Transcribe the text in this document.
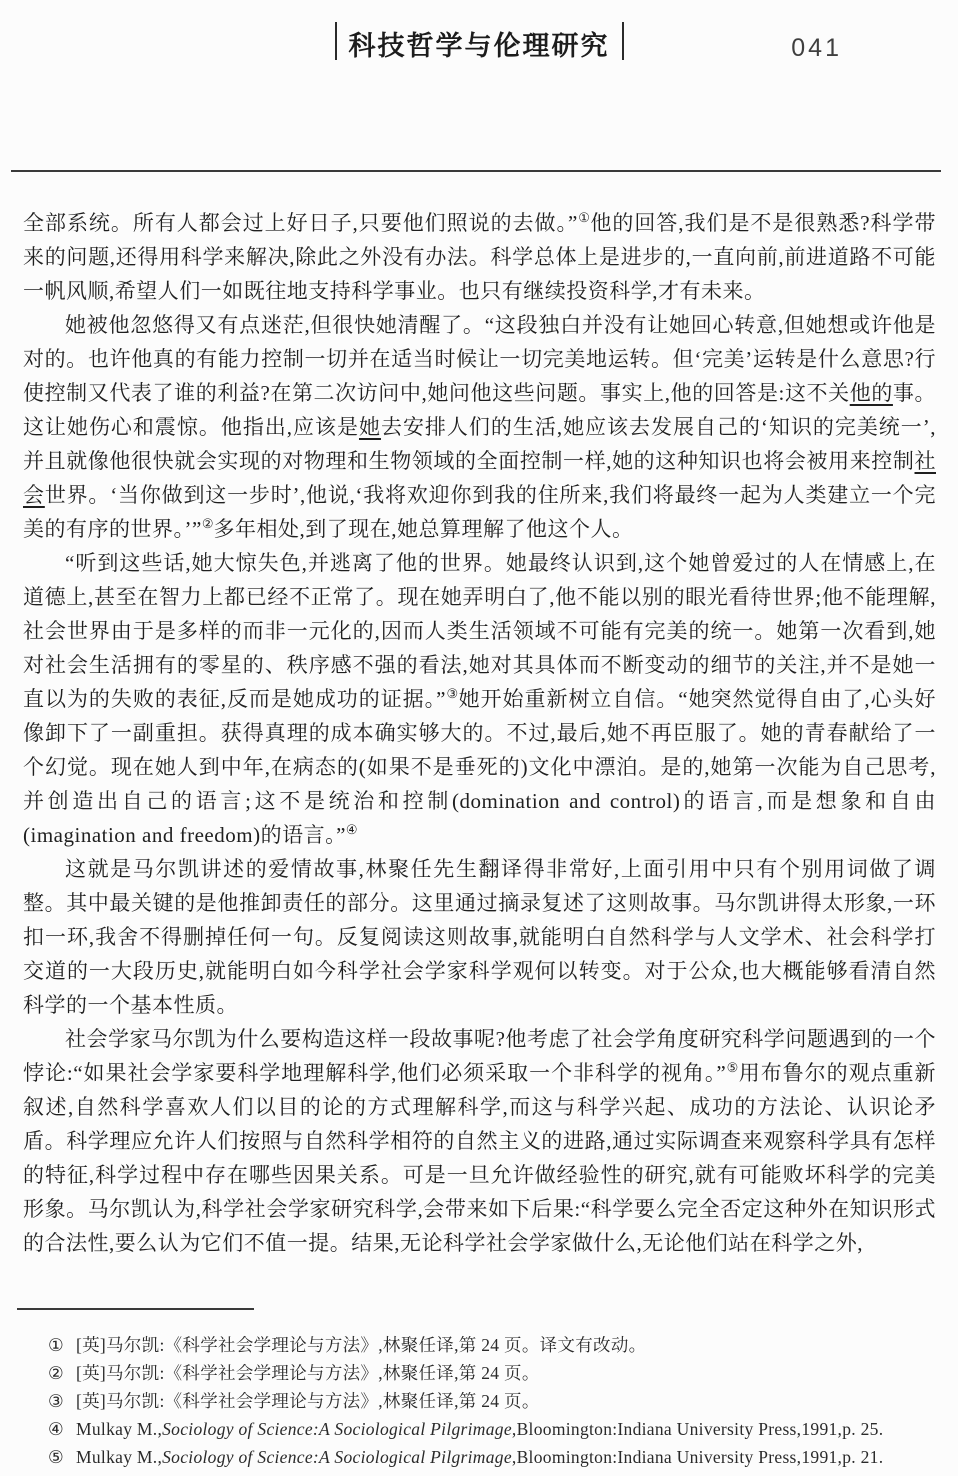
科技哲学与伦理研究	041

全部系统。所有人都会过上好日子,只要他们照说的去做。”①他的回答,我们是不是很熟悉?科学带来的问题,还得用科学来解决,除此之外没有办法。科学总体上是进步的,一直向前,前进道路不可能一帆风顺,希望人们一如既往地支持科学事业。也只有继续投资科学,才有未来。

她被他忽悠得又有点迷茫,但很快她清醒了。“这段独白并没有让她回心转意,但她想或许他是对的。也许他真的有能力控制一切并在适当时候让一切完美地运转。但‘完美’运转是什么意思?行使控制又代表了谁的利益?在第二次访问中,她问他这些问题。事实上,他的回答是:这不关他的事。这让她伤心和震惊。他指出,应该是她去安排人们的生活,她应该去发展自己的‘知识的完美统一’,并且就像他很快就会实现的对物理和生物领域的全面控制一样,她的这种知识也将会被用来控制社会世界。‘当你做到这一步时’,他说,‘我将欢迎你到我的住所来,我们将最终一起为人类建立一个完美的有序的世界。’”②多年相处,到了现在,她总算理解了他这个人。

“听到这些话,她大惊失色,并逃离了他的世界。她最终认识到,这个她曾爱过的人在情感上,在道德上,甚至在智力上都已经不正常了。现在她弄明白了,他不能以别的眼光看待世界;他不能理解,社会世界由于是多样的而非一元化的,因而人类生活领域不可能有完美的统一。她第一次看到,她对社会生活拥有的零星的、秩序感不强的看法,她对其具体而不断变动的细节的关注,并不是她一直以为的失败的表征,反而是她成功的证据。”③她开始重新树立自信。“她突然觉得自由了,心头好像卸下了一副重担。获得真理的成本确实够大的。不过,最后,她不再臣服了。她的青春献给了一个幻觉。现在她人到中年,在病态的(如果不是垂死的)文化中漂泊。是的,她第一次能为自己思考,并创造出自己的语言;这不是统治和控制(domination and control)的语言,而是想象和自由(imagination and freedom)的语言。”④

这就是马尔凯讲述的爱情故事,林聚任先生翻译得非常好,上面引用中只有个别用词做了调整。其中最关键的是他推卸责任的部分。这里通过摘录复述了这则故事。马尔凯讲得太形象,一环扣一环,我舍不得删掉任何一句。反复阅读这则故事,就能明白自然科学与人文学术、社会科学打交道的一大段历史,就能明白如今科学社会学家科学观何以转变。对于公众,也大概能够看清自然科学的一个基本性质。

社会学家马尔凯为什么要构造这样一段故事呢?他考虑了社会学角度研究科学问题遇到的一个悖论:“如果社会学家要科学地理解科学,他们必须采取一个非科学的视角。”⑤用布鲁尔的观点重新叙述,自然科学喜欢人们以目的论的方式理解科学,而这与科学兴起、成功的方法论、认识论矛盾。科学理应允许人们按照与自然科学相符的自然主义的进路,通过实际调查来观察科学具有怎样的特征,科学过程中存在哪些因果关系。可是一旦允许做经验性的研究,就有可能败坏科学的完美形象。马尔凯认为,科学社会学家研究科学,会带来如下后果:“科学要么完全否定这种外在知识形式的合法性,要么认为它们不值一提。结果,无论科学社会学家做什么,无论他们站在科学之外,

① [英]马尔凯:《科学社会学理论与方法》,林聚任译,第 24 页。译文有改动。
② [英]马尔凯:《科学社会学理论与方法》,林聚任译,第 24 页。
③ [英]马尔凯:《科学社会学理论与方法》,林聚任译,第 24 页。
④ Mulkay M.,Sociology of Science:A Sociological Pilgrimage,Bloomington:Indiana University Press,1991,p. 25.
⑤ Mulkay M.,Sociology of Science:A Sociological Pilgrimage,Bloomington:Indiana University Press,1991,p. 21.
